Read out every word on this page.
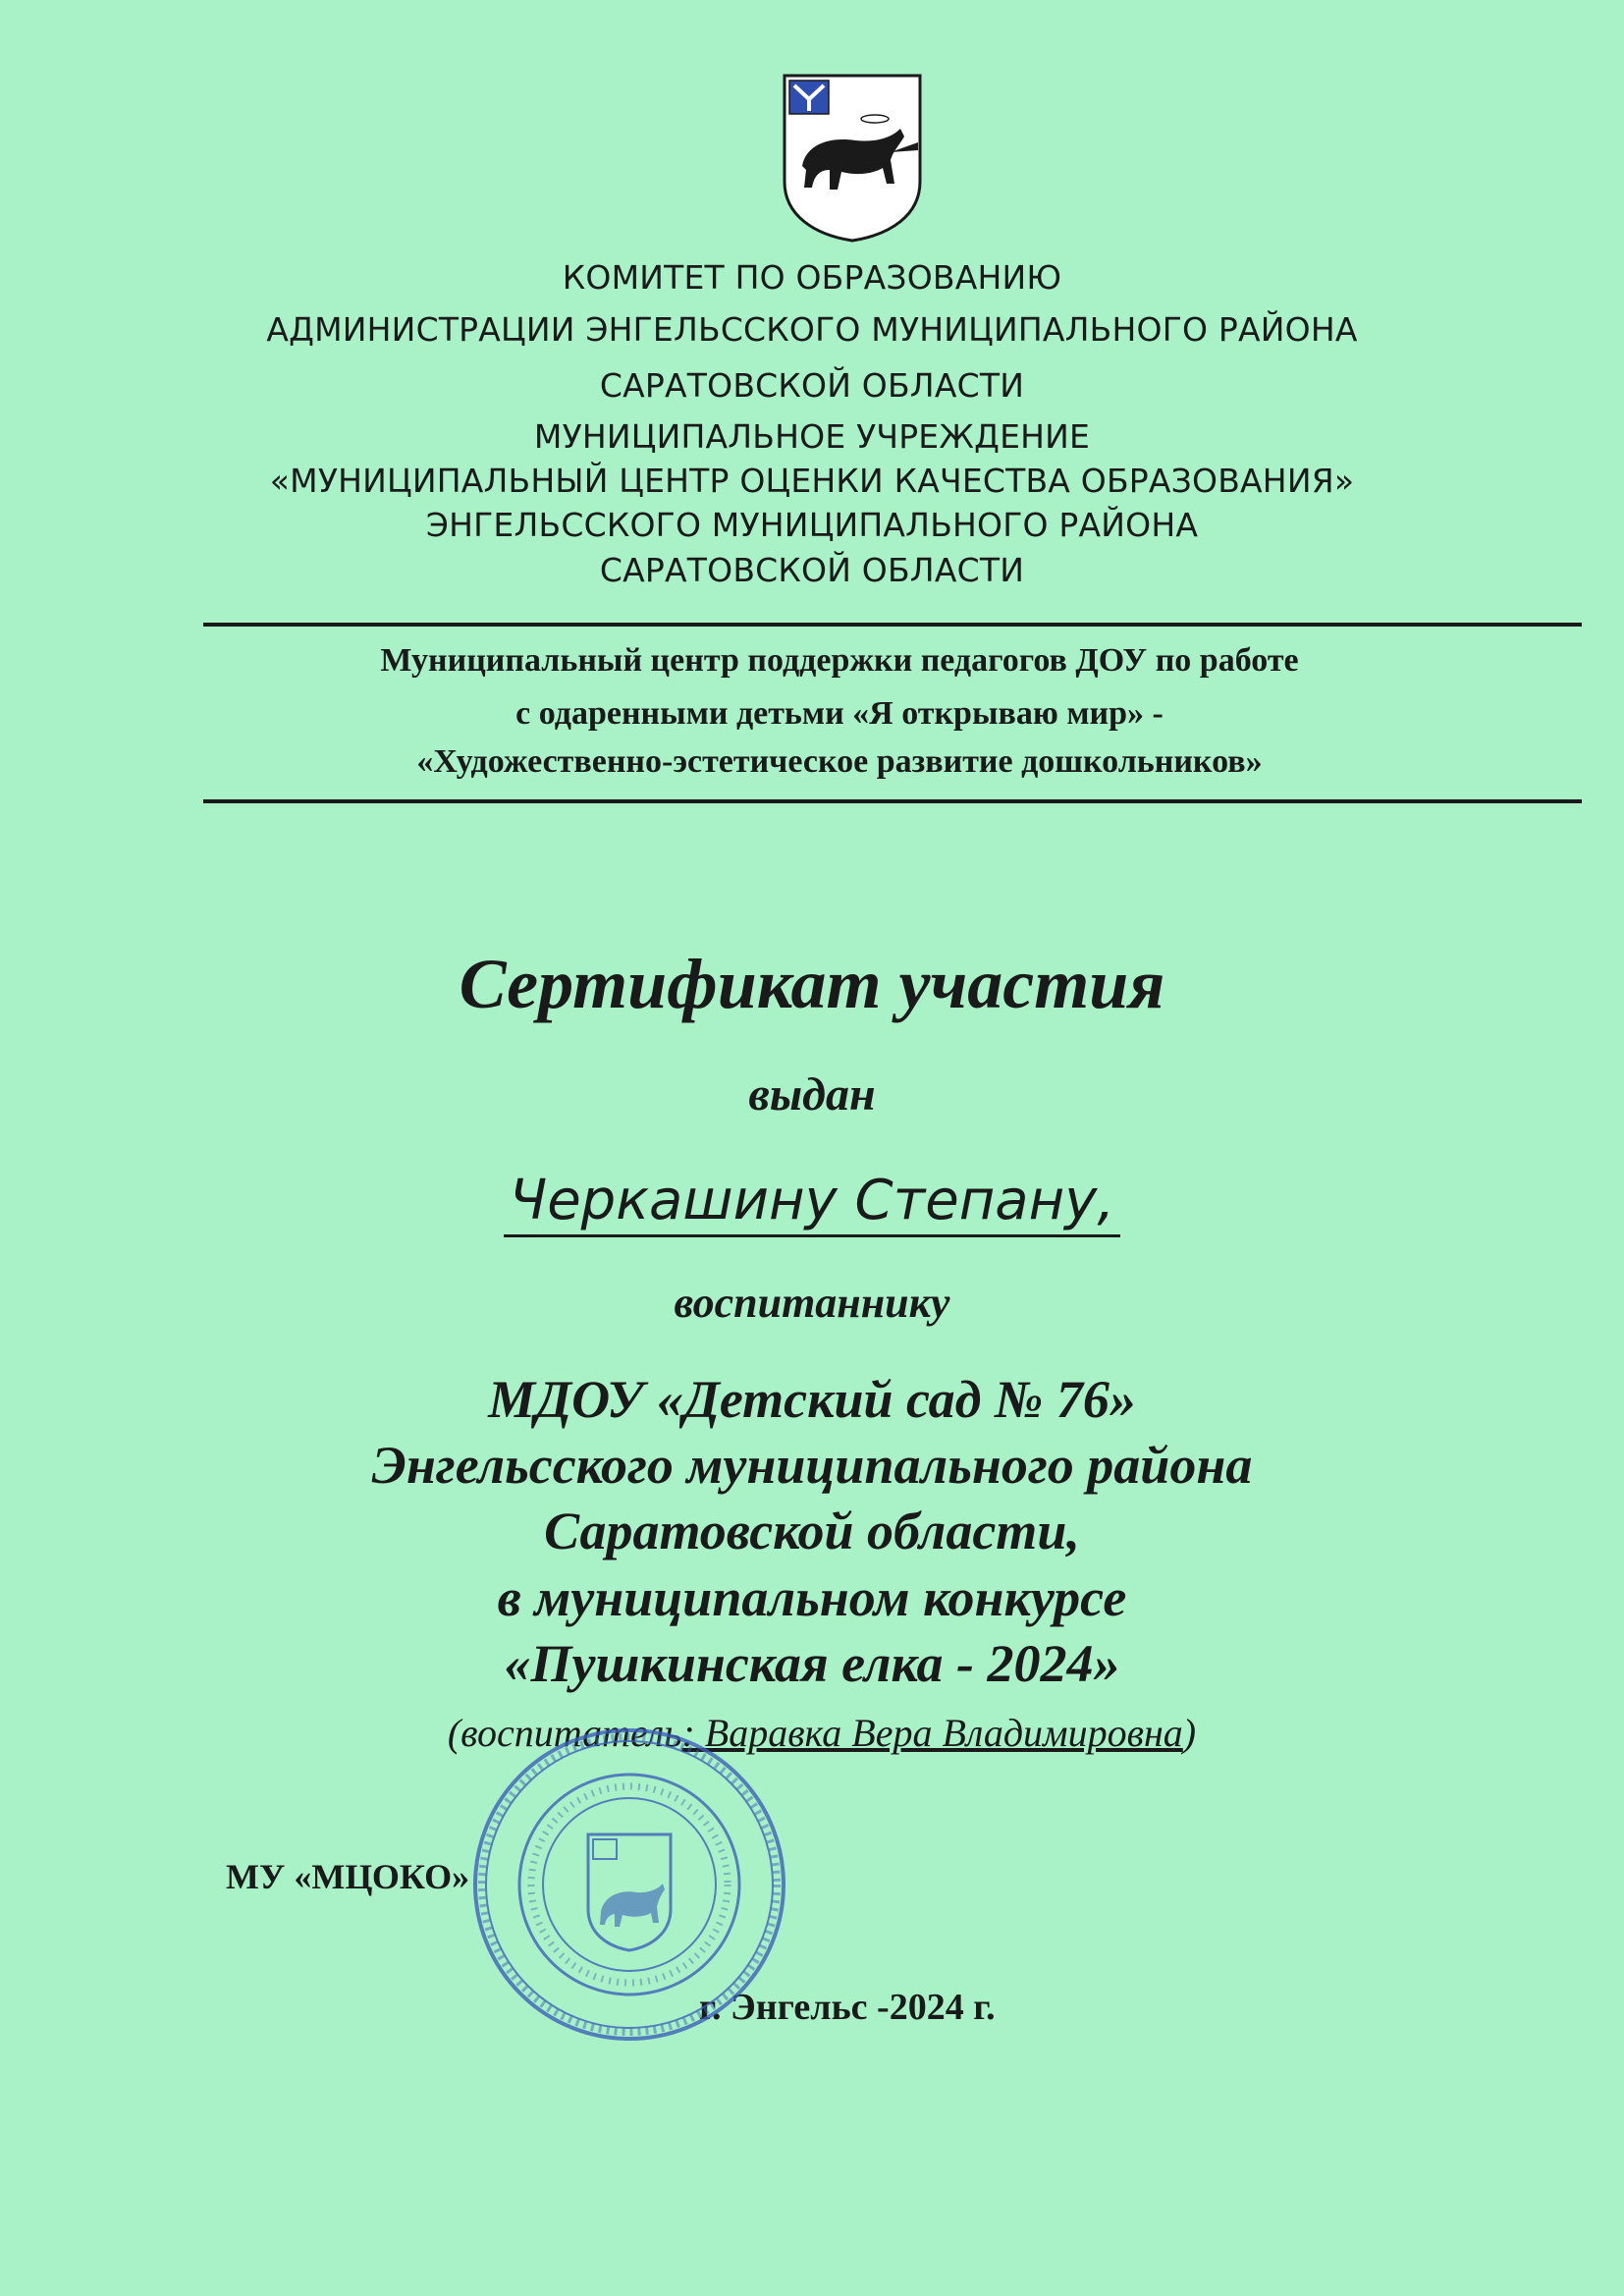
КОМИТЕТ ПО ОБРАЗОВАНИЮ
АДМИНИСТРАЦИИ ЭНГЕЛЬССКОГО МУНИЦИПАЛЬНОГО РАЙОНА
САРАТОВСКОЙ ОБЛАСТИ
МУНИЦИПАЛЬНОЕ УЧРЕЖДЕНИЕ
«МУНИЦИПАЛЬНЫЙ ЦЕНТР ОЦЕНКИ КАЧЕСТВА ОБРАЗОВАНИЯ»
ЭНГЕЛЬССКОГО МУНИЦИПАЛЬНОГО РАЙОНА
САРАТОВСКОЙ ОБЛАСТИ
Муниципальный центр поддержки педагогов ДОУ по работе
с одаренными детьми «Я открываю мир» -
«Художественно-эстетическое развитие дошкольников»
Сертификат участия
выдан
Черкашину Степану,
воспитаннику
МДОУ «Детский сад № 76»
Энгельсского муниципального района
Саратовской области,
в муниципальном конкурсе
«Пушкинская елка - 2024»
(воспитатель: Варавка Вера Владимировна)
МУ «МЦОКО»
г. Энгельс -2024 г.
